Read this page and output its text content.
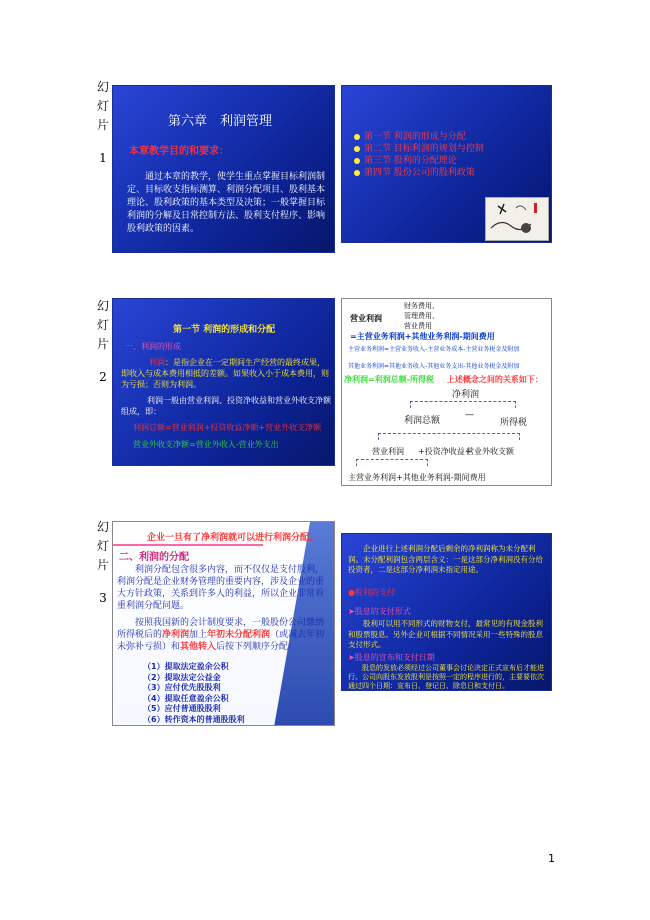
幻
灯
片
1
幻
灯
片
2
幻
灯
片
3
第六章　利润管理
本章教学目的和要求：
　　通过本章的教学，使学生重点掌握目标利润制定、目标收支指标测算、利润分配项目、股利基本理论、股利政策的基本类型及决策；一般掌握目标利润的分解及日常控制方法、股利支付程序、影响股利政策的因素。
第一节 利润的形成与分配
第二节 目标利润的规划与控制
第三节 股利的分配理论
第四节 股份公司的股利政策
第一节 利润的形成和分配
一、利润的形成
利润：是指企业在一定期间生产经营的最终成果，即收入与成本费用相抵的差额。如果收入小于成本费用，则为亏损；否则为利润。
利润一般由营业利润、投资净收益和营业外收支净额组成，即：
利润总额=营业利润+投资收益净额+营业外收支净额
营业外收支净额=营业外收入-营业外支出
营业利润
财务费用、
管理费用、
营业费用
=主营业务利润+其他业务利润-期间费用
主营业务利润=主营业务收入-主营业务成本-主营业务税金及附加
其他业务利润=其他业务收入-其他业务支出-其他业务税金及附加
净利润=利润总额-所得税 上述概念之间的关系如下：
净利润
利润总额
—
所得税
营业利润 +投资净收益+
营业外收支额
主营业务利润+其他业务利润-期间费用
企业一旦有了净利润就可以进行利润分配。
二、利润的分配
　　利润分配包含很多内容，而不仅仅是支付股利，利润分配是企业财务管理的重要内容，涉及企业的重大方针政策，关系到许多人的利益，所以企业非常看重利润分配问题。
　　按照我国新的会计制度要求，一般股份公司缴纳所得税后的净利润加上年初未分配利润（或减去年初未弥补亏损）和其他转入后按下列顺序分配：
（1）提取法定盈余公积
（2）提取法定公益金
（3）应付优先股股利
（4）提取任意盈余公积
（5）应付普通股股利
（6）转作资本的普通股股利
　　企业进行上述利润分配后剩余的净利润称为未分配利润。未分配利润包含两层含义：一是这部分净利润没有分给投资者，二是这部分净利润未指定用途。
●股利的支付
➤股息的支付形式
　　股利可以用不同形式的财物支付，最常见的有现金股利和股票股息。另外企业可根据不同情况采用一些特殊的股息支付形式。
➤股息的宣布和支付日期
　　股息的发放必须经过公司董事会讨论决定正式宣布后才能进行。公司向股东发放股利是按照一定的程序进行的，主要要依次通过四个日期：宣布日、登记日、除息日和支付日。
1
